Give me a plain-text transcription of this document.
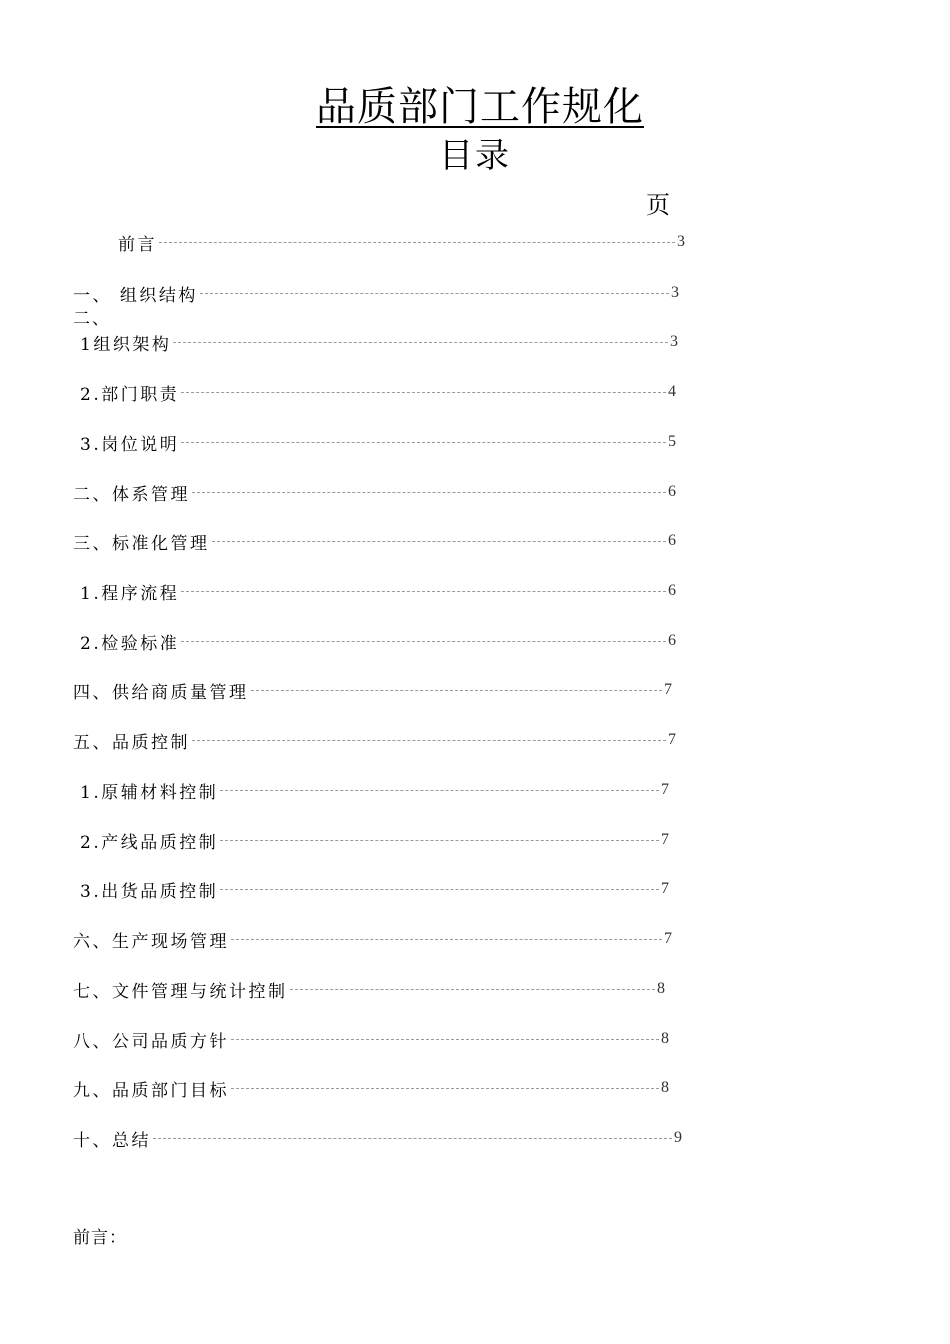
品质部门工作规化
目录
页
前言	3
一、 组织结构	3
二、
1组织架构	3
2.部门职责	4
3.岗位说明	5
二、体系管理	6
三、标准化管理	6
1.程序流程	6
2.检验标准	6
四、供给商质量管理	7
五、品质控制	7
1.原辅材料控制	7
2.产线品质控制	7
3.出货品质控制	7
六、生产现场管理	7
七、文件管理与统计控制	8
八、公司品质方针	8
九、品质部门目标	8
十、总结	9
前言：
